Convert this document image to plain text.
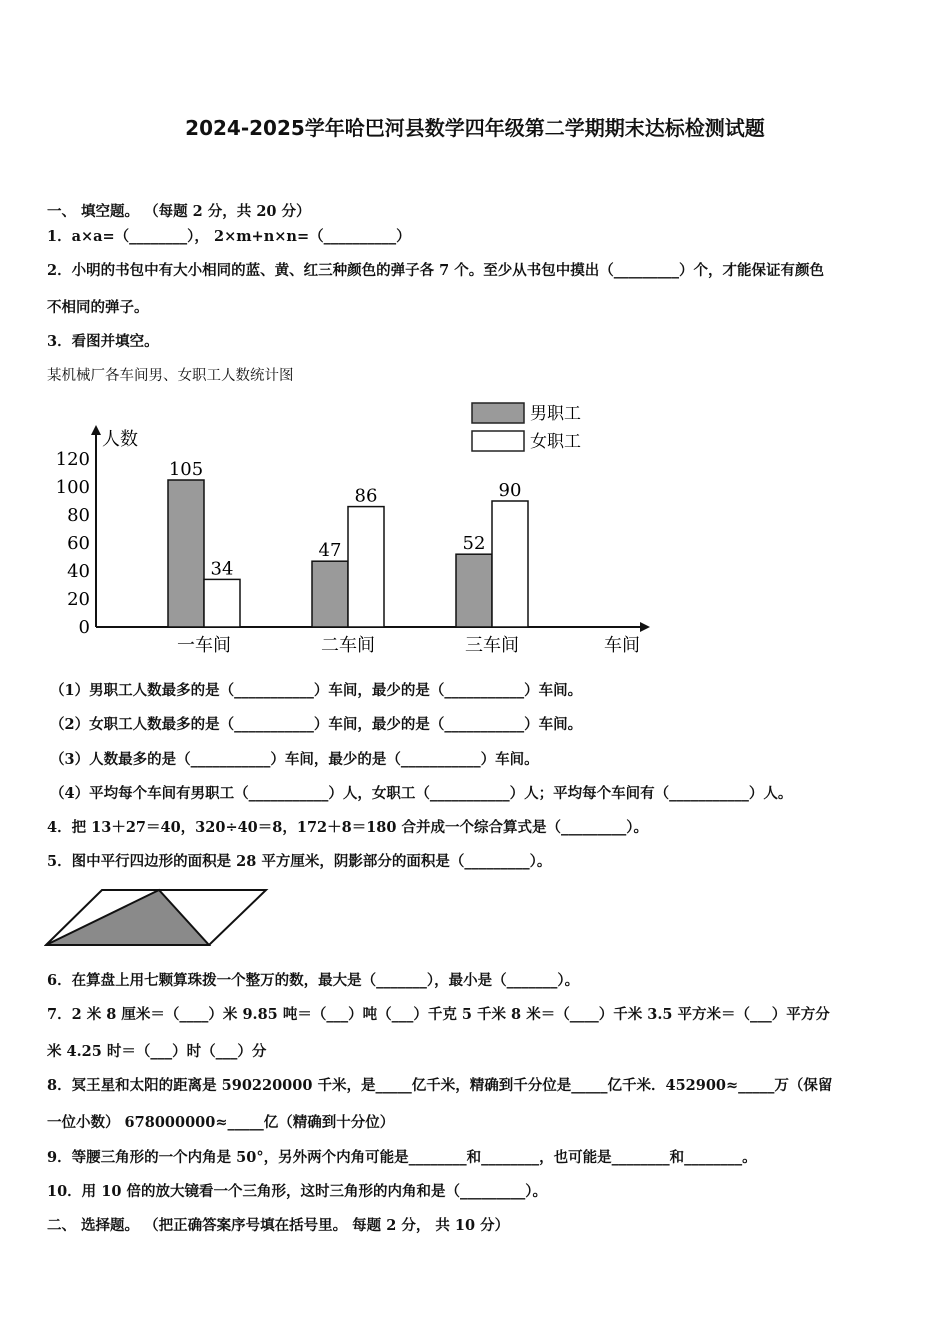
2024-2025学年哈巴河县数学四年级第二学期期末达标检测试题
一、 填空题。 （每题 2 分，共 20 分）
1．a×a=（________）， 2×m+n×n=（__________）
2．小明的书包中有大小相同的蓝、黄、红三种颜色的弹子各 7 个。至少从书包中摸出（_________）个，才能保证有颜色
不相同的弹子。
3．看图并填空。
某机械厂各车间男、女职工人数统计图
男职工
女职工
人数
车间
0
20
40
60
80
100
120	105
34
一车间
47
86
二车间
52
90
三车间
（1）男职工人数最多的是（___________）车间，最少的是（___________）车间。
（2）女职工人数最多的是（___________）车间，最少的是（___________）车间。
（3）人数最多的是（___________）车间，最少的是（___________）车间。
（4）平均每个车间有男职工（___________）人，女职工（___________）人；平均每个车间有（___________）人。
4．把 13＋27＝40，320÷40＝8，172＋8＝180 合并成一个综合算式是（_________）。
5．图中平行四边形的面积是 28 平方厘米，阴影部分的面积是（_________）。
6．在算盘上用七颗算珠拨一个整万的数，最大是（_______），最小是（_______）。
7．2 米 8 厘米＝（____）米 9.85 吨＝（___）吨（___）千克 5 千米 8 米＝（____）千米 3.5 平方米＝（___）平方分
米 4.25 时＝（___）时（___）分
8．冥王星和太阳的距离是 590220000 千米，是_____亿千米，精确到千分位是_____亿千米．452900≈_____万（保留
一位小数） 678000000≈_____亿（精确到十分位）
9．等腰三角形的一个内角是 50°，另外两个内角可能是________和________，也可能是________和________。
10．用 10 倍的放大镜看一个三角形，这时三角形的内角和是（_________）。
二、 选择题。 （把正确答案序号填在括号里。 每题 2 分， 共 10 分）
